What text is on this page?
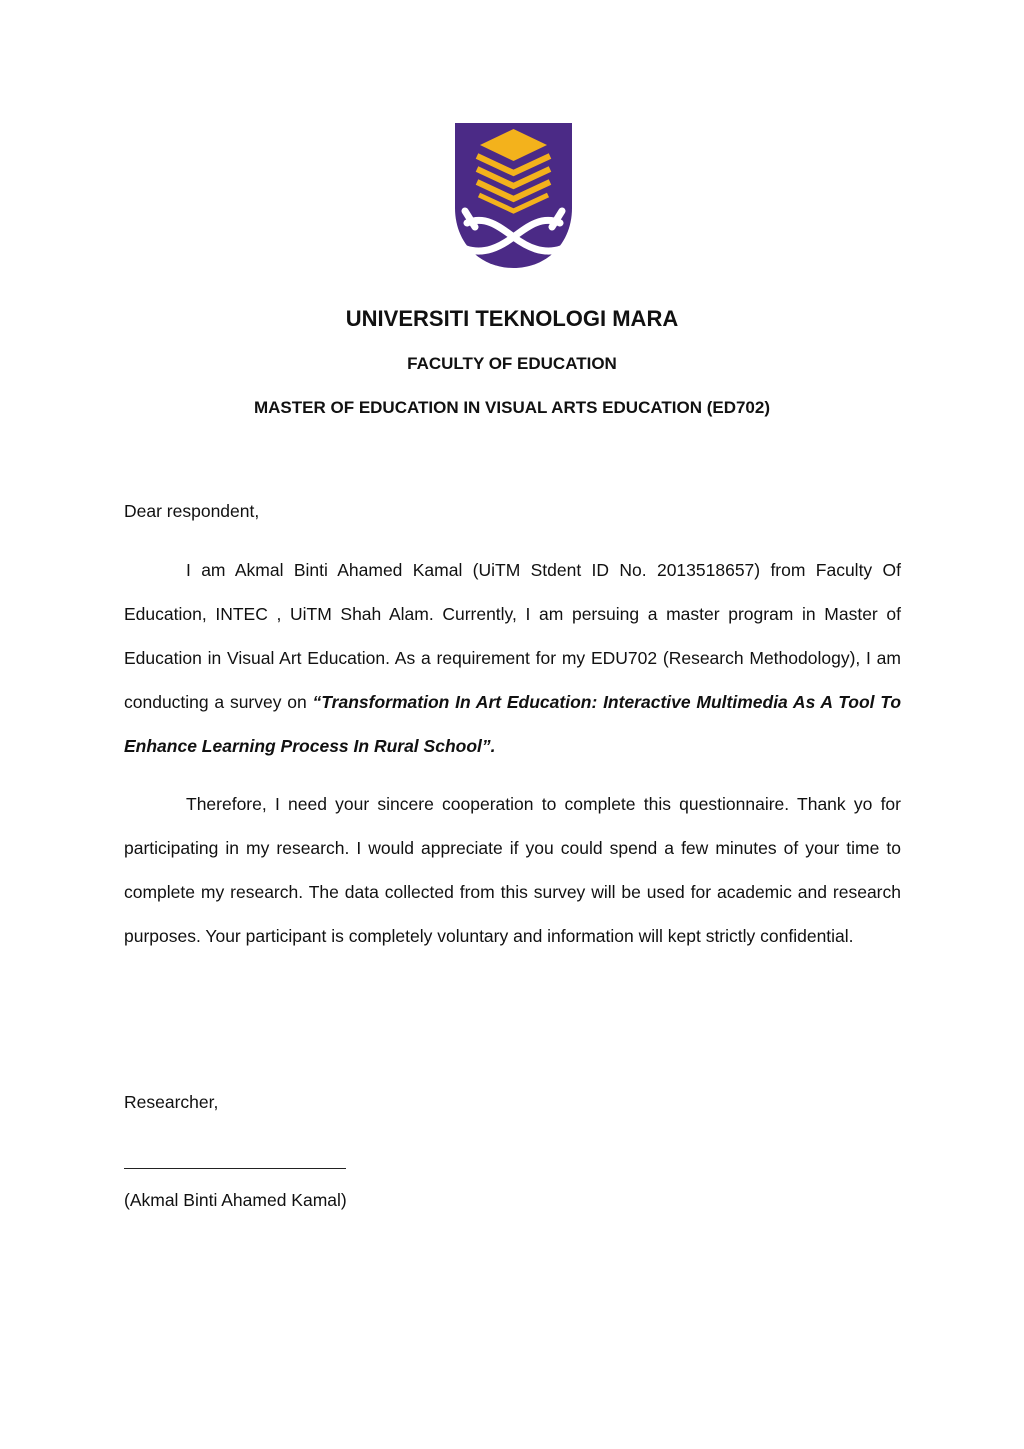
UNIVERSITI TEKNOLOGI MARA
FACULTY OF EDUCATION
MASTER OF EDUCATION IN VISUAL ARTS EDUCATION (ED702)
Dear respondent,
I am Akmal Binti Ahamed Kamal (UiTM Stdent ID No. 2013518657) from Faculty Of Education, INTEC , UiTM Shah Alam. Currently, I am persuing a master program in Master of Education in Visual Art Education. As a requirement for my EDU702 (Research Methodology), I am conducting a survey on “Transformation In Art Education: Interactive Multimedia As A Tool To Enhance Learning Process In Rural School”.
Therefore, I need your sincere cooperation to complete this questionnaire. Thank yo for participating in my research. I would appreciate if you could spend a few minutes of your time to complete my research. The data collected from this survey will be used for academic and research purposes. Your participant is completely voluntary and information will kept strictly confidential.
Researcher,
(Akmal Binti Ahamed Kamal)
